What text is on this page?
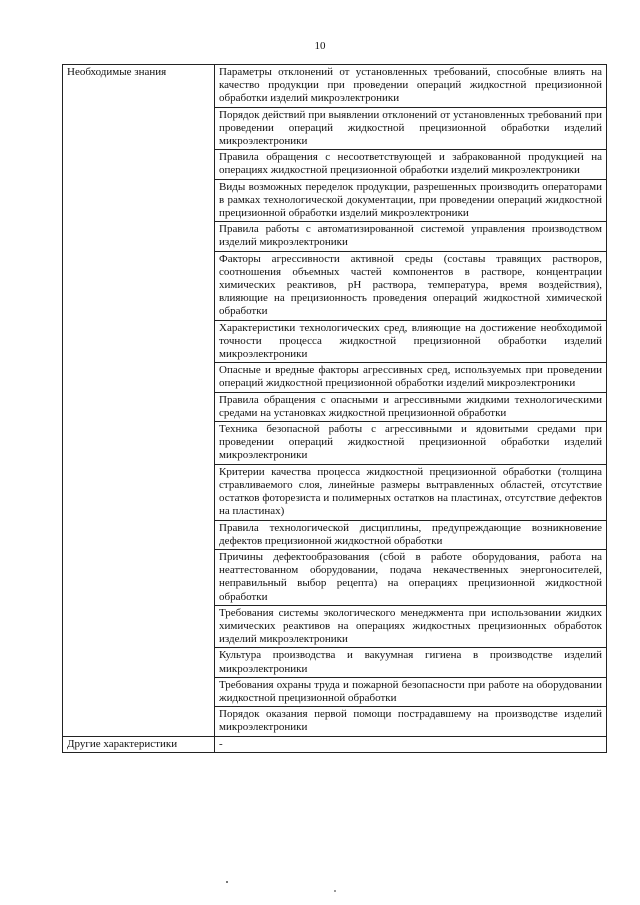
10
Необходимые знания	Параметры отклонений от установленных требований, способные влиять на качество продукции при проведении операций жидкостной прецизионной обработки изделий микроэлектроники
	Порядок действий при выявлении отклонений от установленных требований при проведении операций жидкостной прецизионной обработки изделий микроэлектроники
	Правила обращения с несоответствующей и забракованной продукцией на операциях жидкостной прецизионной обработки изделий микроэлектроники
	Виды возможных переделок продукции, разрешенных производить операторами в рамках технологической документации, при проведении операций жидкостной прецизионной обработки изделий микроэлектроники
	Правила работы с автоматизированной системой управления производством изделий микроэлектроники
	Факторы агрессивности активной среды (составы травящих растворов, соотношения объемных частей компонентов в растворе, концентрации химических реактивов, pH раствора, температура, время воздействия), влияющие на прецизионность проведения операций жидкостной химической обработки
	Характеристики технологических сред, влияющие на достижение необходимой точности процесса жидкостной прецизионной обработки изделий микроэлектроники
	Опасные и вредные факторы агрессивных сред, используемых при проведении операций жидкостной прецизионной обработки изделий микроэлектроники
	Правила обращения с опасными и агрессивными жидкими технологическими средами на установках жидкостной прецизионной обработки
	Техника безопасной работы с агрессивными и ядовитыми средами при проведении операций жидкостной прецизионной обработки изделий микроэлектроники
	Критерии качества процесса жидкостной прецизионной обработки (толщина стравливаемого слоя, линейные размеры вытравленных областей, отсутствие остатков фоторезиста и полимерных остатков на пластинах, отсутствие дефектов на пластинах)
	Правила технологической дисциплины, предупреждающие возникновение дефектов прецизионной жидкостной обработки
	Причины дефектообразования (сбой в работе оборудования, работа на неаттестованном оборудовании, подача некачественных энергоносителей, неправильный выбор рецепта) на операциях прецизионной жидкостной обработки
	Требования системы экологического менеджмента при использовании жидких химических реактивов на операциях жидкостных прецизионных обработок изделий микроэлектроники
	Культура производства и вакуумная гигиена в производстве изделий микроэлектроники
	Требования охраны труда и пожарной безопасности при работе на оборудовании жидкостной прецизионной обработки
	Порядок оказания первой помощи пострадавшему на производстве изделий микроэлектроники
Другие характеристики	-
